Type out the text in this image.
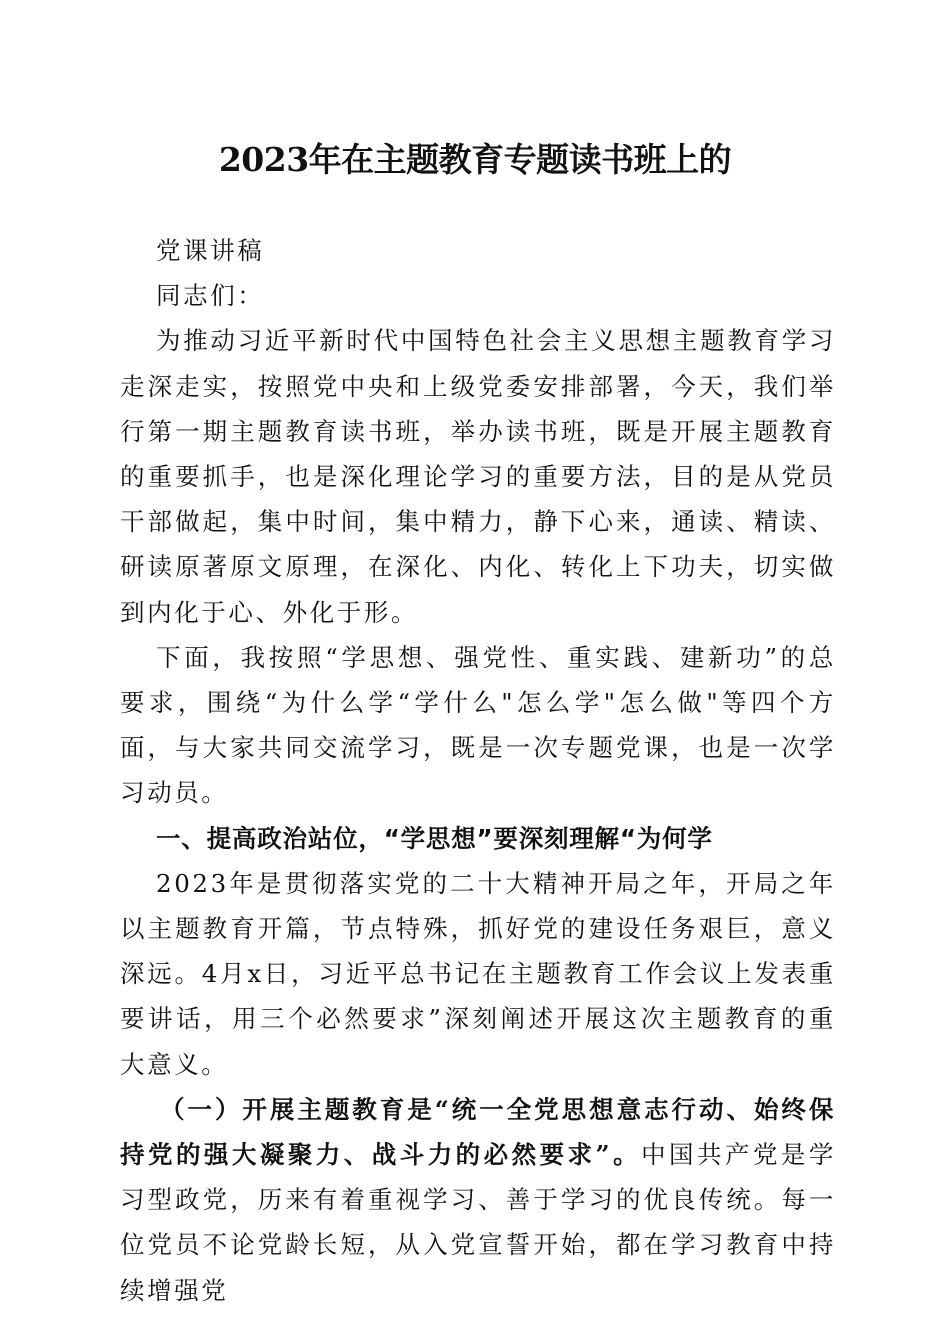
2023年在主题教育专题读书班上的

党课讲稿

同志们：

为推动习近平新时代中国特色社会主义思想主题教育学习走深走实，按照党中央和上级党委安排部署，今天，我们举行第一期主题教育读书班，举办读书班，既是开展主题教育的重要抓手，也是深化理论学习的重要方法，目的是从党员干部做起，集中时间，集中精力，静下心来，通读、精读、研读原著原文原理，在深化、内化、转化上下功夫，切实做到内化于心、外化于形。

下面，我按照“学思想、强党性、重实践、建新功”的总要求，围绕“为什么学“学什么"怎么学"怎么做"等四个方面，与大家共同交流学习，既是一次专题党课，也是一次学习动员。

一、提高政治站位，“学思想”要深刻理解“为何学

2023年是贯彻落实党的二十大精神开局之年，开局之年以主题教育开篇，节点特殊，抓好党的建设任务艰巨，意义深远。4月x日，习近平总书记在主题教育工作会议上发表重要讲话，用三个必然要求”深刻阐述开展这次主题教育的重大意义。

（一）开展主题教育是“统一全党思想意志行动、始终保持党的强大凝聚力、战斗力的必然要求”。中国共产党是学习型政党，历来有着重视学习、善于学习的优良传统。每一位党员不论党龄长短，从入党宣誓开始，都在学习教育中持续增强党
